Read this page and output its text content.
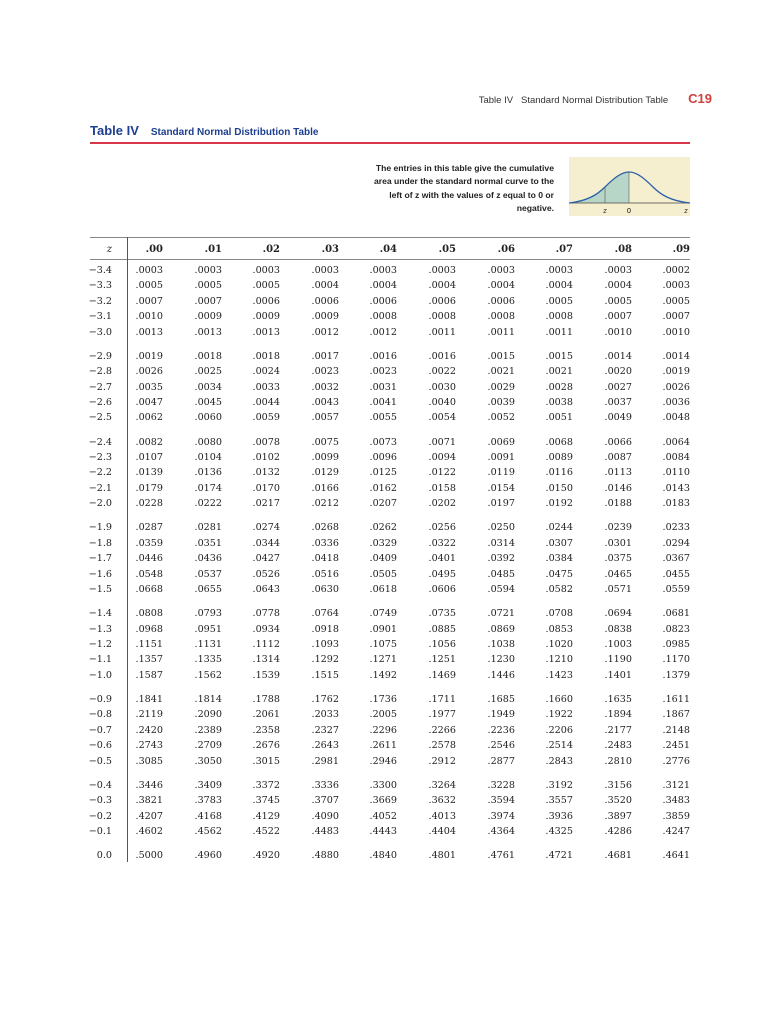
Table IV   Standard Normal Distribution Table C19
Table IV Standard Normal Distribution Table
The entries in this table give the cumulative area under the standard normal curve to the left of z with the values of z equal to 0 or negative.	z	0	z
z	.00	.01	.02	.03	.04	.05	.06	.07	.08	.09
−3.4	.0003	.0003	.0003	.0003	.0003	.0003	.0003	.0003	.0003	.0002
−3.3	.0005	.0005	.0005	.0004	.0004	.0004	.0004	.0004	.0004	.0003
−3.2	.0007	.0007	.0006	.0006	.0006	.0006	.0006	.0005	.0005	.0005
−3.1	.0010	.0009	.0009	.0009	.0008	.0008	.0008	.0008	.0007	.0007
−3.0	.0013	.0013	.0013	.0012	.0012	.0011	.0011	.0011	.0010	.0010
−2.9	.0019	.0018	.0018	.0017	.0016	.0016	.0015	.0015	.0014	.0014
−2.8	.0026	.0025	.0024	.0023	.0023	.0022	.0021	.0021	.0020	.0019
−2.7	.0035	.0034	.0033	.0032	.0031	.0030	.0029	.0028	.0027	.0026
−2.6	.0047	.0045	.0044	.0043	.0041	.0040	.0039	.0038	.0037	.0036
−2.5	.0062	.0060	.0059	.0057	.0055	.0054	.0052	.0051	.0049	.0048
−2.4	.0082	.0080	.0078	.0075	.0073	.0071	.0069	.0068	.0066	.0064
−2.3	.0107	.0104	.0102	.0099	.0096	.0094	.0091	.0089	.0087	.0084
−2.2	.0139	.0136	.0132	.0129	.0125	.0122	.0119	.0116	.0113	.0110
−2.1	.0179	.0174	.0170	.0166	.0162	.0158	.0154	.0150	.0146	.0143
−2.0	.0228	.0222	.0217	.0212	.0207	.0202	.0197	.0192	.0188	.0183
−1.9	.0287	.0281	.0274	.0268	.0262	.0256	.0250	.0244	.0239	.0233
−1.8	.0359	.0351	.0344	.0336	.0329	.0322	.0314	.0307	.0301	.0294
−1.7	.0446	.0436	.0427	.0418	.0409	.0401	.0392	.0384	.0375	.0367
−1.6	.0548	.0537	.0526	.0516	.0505	.0495	.0485	.0475	.0465	.0455
−1.5	.0668	.0655	.0643	.0630	.0618	.0606	.0594	.0582	.0571	.0559
−1.4	.0808	.0793	.0778	.0764	.0749	.0735	.0721	.0708	.0694	.0681
−1.3	.0968	.0951	.0934	.0918	.0901	.0885	.0869	.0853	.0838	.0823
−1.2	.1151	.1131	.1112	.1093	.1075	.1056	.1038	.1020	.1003	.0985
−1.1	.1357	.1335	.1314	.1292	.1271	.1251	.1230	.1210	.1190	.1170
−1.0	.1587	.1562	.1539	.1515	.1492	.1469	.1446	.1423	.1401	.1379
−0.9	.1841	.1814	.1788	.1762	.1736	.1711	.1685	.1660	.1635	.1611
−0.8	.2119	.2090	.2061	.2033	.2005	.1977	.1949	.1922	.1894	.1867
−0.7	.2420	.2389	.2358	.2327	.2296	.2266	.2236	.2206	.2177	.2148
−0.6	.2743	.2709	.2676	.2643	.2611	.2578	.2546	.2514	.2483	.2451
−0.5	.3085	.3050	.3015	.2981	.2946	.2912	.2877	.2843	.2810	.2776
−0.4	.3446	.3409	.3372	.3336	.3300	.3264	.3228	.3192	.3156	.3121
−0.3	.3821	.3783	.3745	.3707	.3669	.3632	.3594	.3557	.3520	.3483
−0.2	.4207	.4168	.4129	.4090	.4052	.4013	.3974	.3936	.3897	.3859
−0.1	.4602	.4562	.4522	.4483	.4443	.4404	.4364	.4325	.4286	.4247
0.0	.5000	.4960	.4920	.4880	.4840	.4801	.4761	.4721	.4681	.4641
